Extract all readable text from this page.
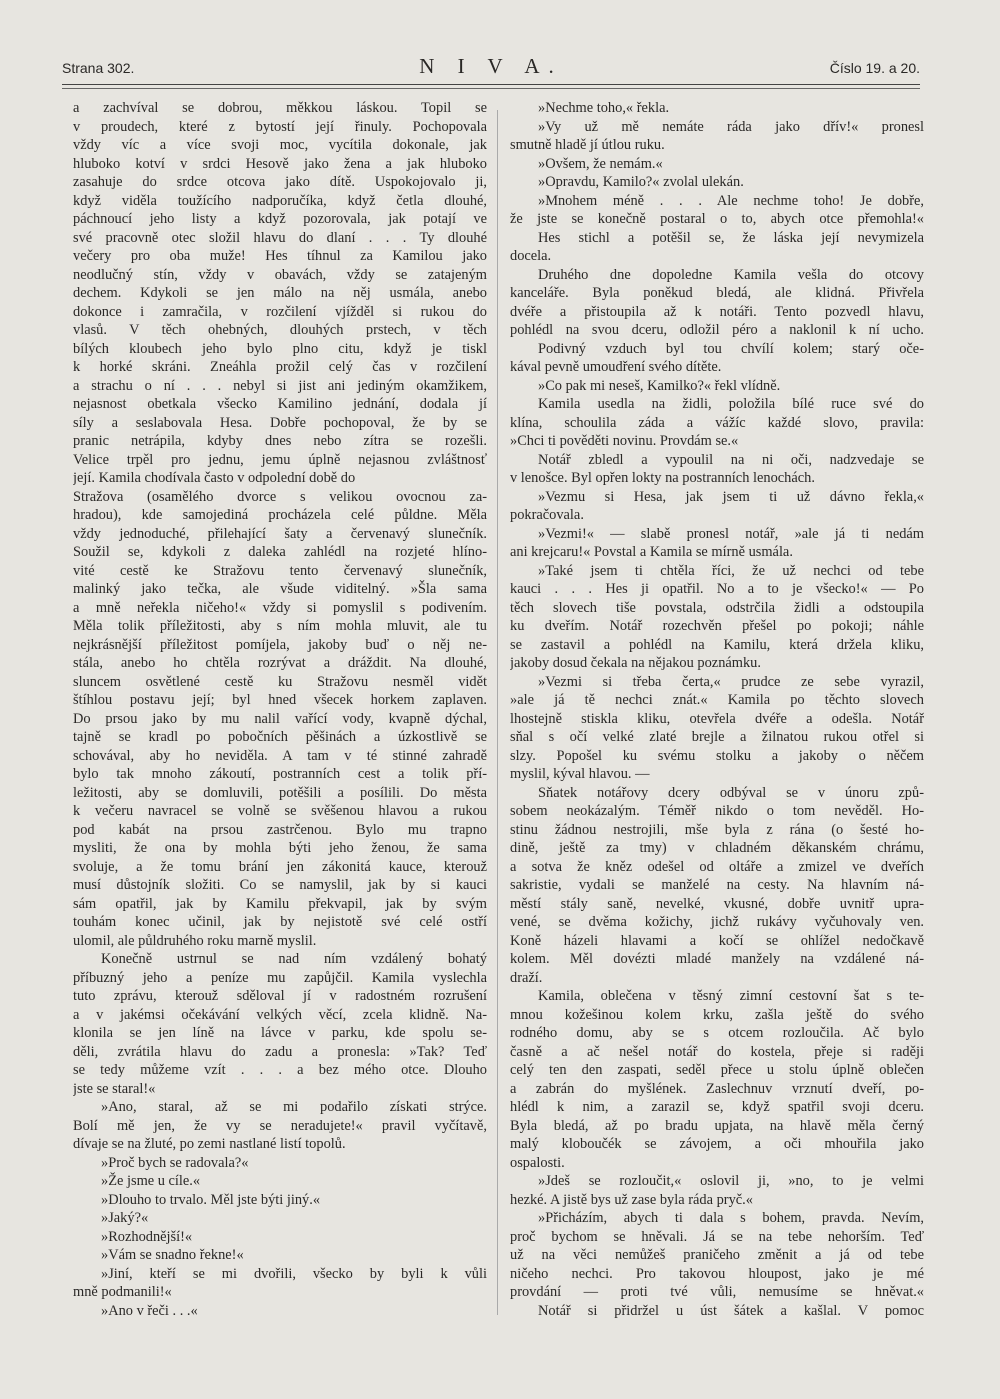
Strana 302.	N I V A.	Číslo 19. a 20.
a zachvíval se dobrou, měkkou láskou. Topil se
v proudech, které z bytostí její řinuly. Pochopovala
vždy víc a více svoji moc, vycítila dokonale, jak
hluboko kotví v srdci Hesově jako žena a jak hluboko
zasahuje do srdce otcova jako dítě. Uspokojovalo ji,
když viděla toužícího nadporučíka, když četla dlouhé,
páchnoucí jeho listy a když pozorovala, jak potají ve
své pracovně otec složil hlavu do dlaní . . . Ty dlouhé
večery pro oba muže! Hes tíhnul za Kamilou jako
neodlučný stín, vždy v obavách, vždy se zatajeným
dechem. Kdykoli se jen málo na něj usmála, anebo
dokonce i zamračila, v rozčilení vjížděl si rukou do
vlasů. V těch ohebných, dlouhých prstech, v těch
bílých kloubech jeho bylo plno citu, když je tiskl
k horké skráni. Zneáhla prožil celý čas v rozčilení
a strachu o ní . . . nebyl si jist ani jediným okamžikem,
nejasnost obetkala všecko Kamilino jednání, dodala jí
síly a seslabovala Hesa. Dobře pochopoval, že by se
pranic netrápila, kdyby dnes nebo zítra se rozešli.
Velice trpěl pro jednu, jemu úplně nejasnou zvláštnosť
její. Kamila chodívala často v odpolední době do
Stražova (osamělého dvorce s velikou ovocnou za-
hradou), kde samojediná procházela celé půldne. Měla
vždy jednoduché, přilehající šaty a červenavý slunečník.
Soužil se, kdykoli z daleka zahlédl na rozjeté hlíno-
vité cestě ke Stražovu tento červenavý slunečník,
malinký jako tečka, ale všude viditelný. »Šla sama
a mně neřekla ničeho!« vždy si pomyslil s podivením.
Měla tolik příležitosti, aby s ním mohla mluvit, ale tu
nejkrásnější příležitost pomíjela, jakoby buď o něj ne-
stála, anebo ho chtěla rozrývat a dráždit. Na dlouhé,
sluncem osvětlené cestě ku Stražovu nesměl vidět
štíhlou postavu její; byl hned všecek horkem zaplaven.
Do prsou jako by mu nalil vařící vody, kvapně dýchal,
tajně se kradl po pobočních pěšinách a úzkostlivě se
schovával, aby ho neviděla. A tam v té stinné zahradě
bylo tak mnoho zákoutí, postranních cest a tolik pří-
ležitosti, aby se domluvili, potěšili a posílili. Do města
k večeru navracel se volně se svěšenou hlavou a rukou
pod kabát na prsou zastrčenou. Bylo mu trapno
mysliti, že ona by mohla býti jeho ženou, že sama
svoluje, a že tomu brání jen zákonitá kauce, kterouž
musí důstojník složiti. Co se namyslil, jak by si kauci
sám opatřil, jak by Kamilu překvapil, jak by svým
touhám konec učinil, jak by nejistotě své celé ostří
ulomil, ale půldruhého roku marně myslil.
Konečně ustrnul se nad ním vzdálený bohatý
příbuzný jeho a peníze mu zapůjčil. Kamila vyslechla
tuto zprávu, kterouž sděloval jí v radostném rozrušení
a v jakémsi očekávání velkých věcí, zcela klidně. Na-
klonila se jen líně na lávce v parku, kde spolu se-
děli, zvrátila hlavu do zadu a pronesla: »Tak? Teď
se tedy můžeme vzít . . . a bez mého otce. Dlouho
jste se staral!«
»Ano, staral, až se mi podařilo získati strýce.
Bolí mě jen, že vy se neradujete!« pravil vyčítavě,
dívaje se na žluté, po zemi nastlané listí topolů.
»Proč bych se radovala?«
»Že jsme u cíle.«
»Dlouho to trvalo. Měl jste býti jiný.«
»Jaký?«
»Rozhodnější!«
»Vám se snadno řekne!«
»Jiní, kteří se mi dvořili, všecko by byli k vůli
mně podmanili!«
»Ano v řeči . . .«
»Nechme toho,« řekla.
»Vy už mě nemáte ráda jako dřív!« pronesl
smutně hladě jí útlou ruku.
»Ovšem, že nemám.«
»Opravdu, Kamilo?« zvolal ulekán.
»Mnohem méně . . . Ale nechme toho! Je dobře,
že jste se konečně postaral o to, abych otce přemohla!«
Hes stichl a potěšil se, že láska její nevymizela
docela.
Druhého dne dopoledne Kamila vešla do otcovy
kanceláře. Byla poněkud bledá, ale klidná. Přivřela
dvéře a přistoupila až k notáři. Tento pozvedl hlavu,
pohlédl na svou dceru, odložil péro a naklonil k ní ucho.
Podivný vzduch byl tou chvílí kolem; starý oče-
kával pevně umoudření svého dítěte.
»Co pak mi neseš, Kamilko?« řekl vlídně.
Kamila usedla na židli, položila bílé ruce své do
klína, schoulila záda a vážíc každé slovo, pravila:
»Chci ti pověděti novinu. Provdám se.«
Notář zbledl a vypoulil na ni oči, nadzvedaje se
v lenošce. Byl opřen lokty na postranních lenochách.
»Vezmu si Hesa, jak jsem ti už dávno řekla,«
pokračovala.
»Vezmi!« — slabě pronesl notář, »ale já ti nedám
ani krejcaru!« Povstal a Kamila se mírně usmála.
»Také jsem ti chtěla říci, že už nechci od tebe
kauci . . . Hes ji opatřil. No a to je všecko!« — Po
těch slovech tiše povstala, odstrčila židli a odstoupila
ku dveřím. Notář rozechvěn přešel po pokoji; náhle
se zastavil a pohlédl na Kamilu, která držela kliku,
jakoby dosud čekala na nějakou poznámku.
»Vezmi si třeba čerta,« prudce ze sebe vyrazil,
»ale já tě nechci znát.« Kamila po těchto slovech
lhostejně stiskla kliku, otevřela dvéře a odešla. Notář
sňal s očí velké zlaté brejle a žilnatou rukou otřel si
slzy. Popošel ku svému stolku a jakoby o něčem
myslil, kýval hlavou. —
Sňatek notářovy dcery odbýval se v únoru způ-
sobem neokázalým. Téměř nikdo o tom nevěděl. Ho-
stinu žádnou nestrojili, mše byla z rána (o šesté ho-
dině, ještě za tmy) v chladném děkanském chrámu,
a sotva že kněz odešel od oltáře a zmizel ve dveřích
sakristie, vydali se manželé na cesty. Na hlavním ná-
městí stály saně, nevelké, vkusné, dobře uvnitř upra-
vené, se dvěma kožichy, jichž rukávy vyčuhovaly ven.
Koně házeli hlavami a kočí se ohlížel nedočkavě
kolem. Měl dovézti mladé manžely na vzdálené ná-
draží.
Kamila, oblečena v těsný zimní cestovní šat s te-
mnou kožešinou kolem krku, zašla ještě do svého
rodného domu, aby se s otcem rozloučila. Ač bylo
časně a ač nešel notář do kostela, přeje si raději
celý ten den zaspati, seděl přece u stolu úplně oblečen
a zabrán do myšlének. Zaslechnuv vrznutí dveří, po-
hlédl k nim, a zarazil se, když spatřil svoji dceru.
Byla bledá, až po bradu upjata, na hlavě měla černý
malý kloboučék se závojem, a oči mhouřila jako
ospalosti.
»Jdeš se rozloučit,« oslovil ji, »no, to je velmi
hezké. A jistě bys už zase byla ráda pryč.«
»Přicházím, abych ti dala s bohem, pravda. Nevím,
proč bychom se hněvali. Já se na tebe nehorším. Teď
už na věci nemůžeš praničeho změnit a já od tebe
ničeho nechci. Pro takovou hloupost, jako je mé
provdání — proti tvé vůli, nemusíme se hněvat.«
Notář si přidržel u úst šátek a kašlal. V pomoc
